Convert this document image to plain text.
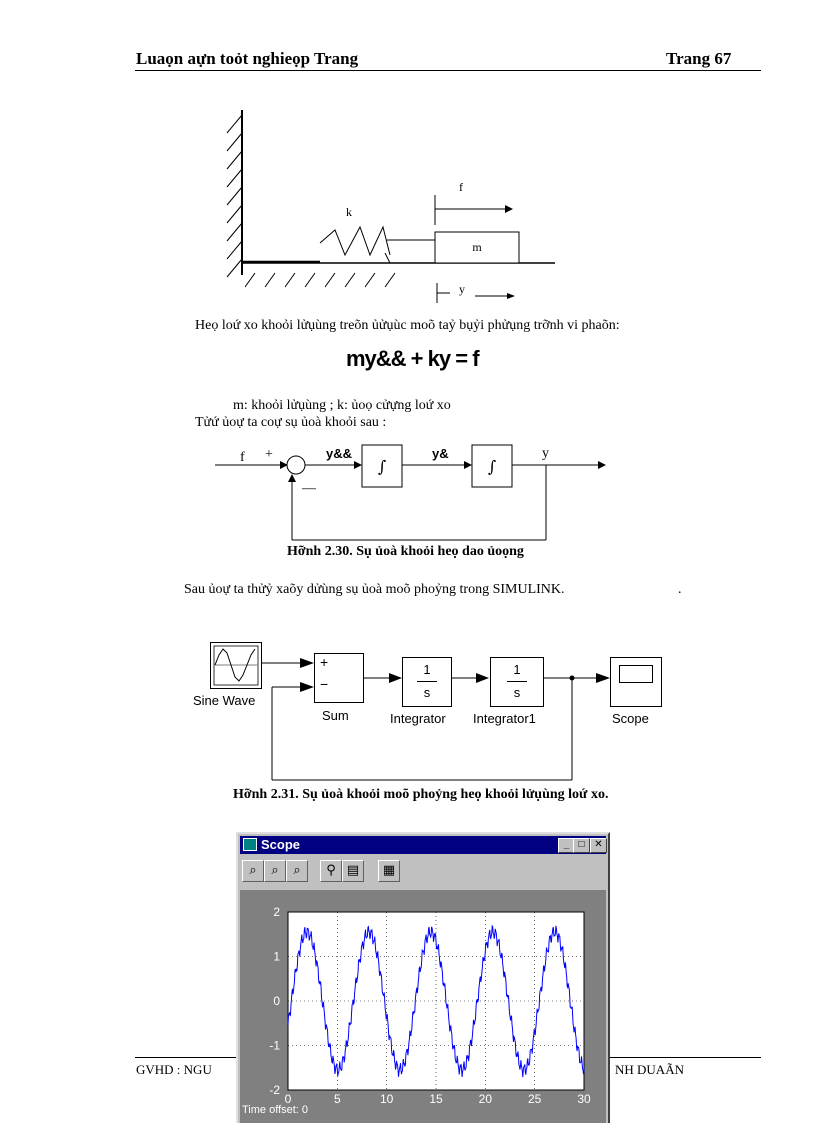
Luaọn aựn toỏt nghieọp Trang	Trang 67
m
k
f
y
Heọ loứ xo khoỏi lửụùng treõn ủửụùc moõ taỷ bụỷi phửụng trỡnh vi phaõn:
my&& + ky = f
m: khoỏi lửụùng ; k: ủoọ cửựng loứ xo
Tửứ ủoự ta coự sụ ủoà khoỏi sau :
f +
—
y&&
∫
y&
∫
y
Hỡnh 2.30. Sụ ủoà khoỏi heọ dao ủoọng
Sau ủoự ta thửỷ xaõy dửùng sụ ủoà moõ phoỷng trong SIMULINK.	.
Sine Wave
+
−
Sum
1
s
Integrator
1
s
Integrator1	Scope
Hỡnh 2.31. Sụ ủoà khoỏi moõ phoỷng heọ khoỏi lửụùng loứ xo.
GVHD : NGU	NH DUAÃN
Scope	_ □ ✕
⌕	⌕	⌕	⚲ ▤	▦
0	5	10	15	20	25	30
2
1
0
-1
-2
Time offset: 0
